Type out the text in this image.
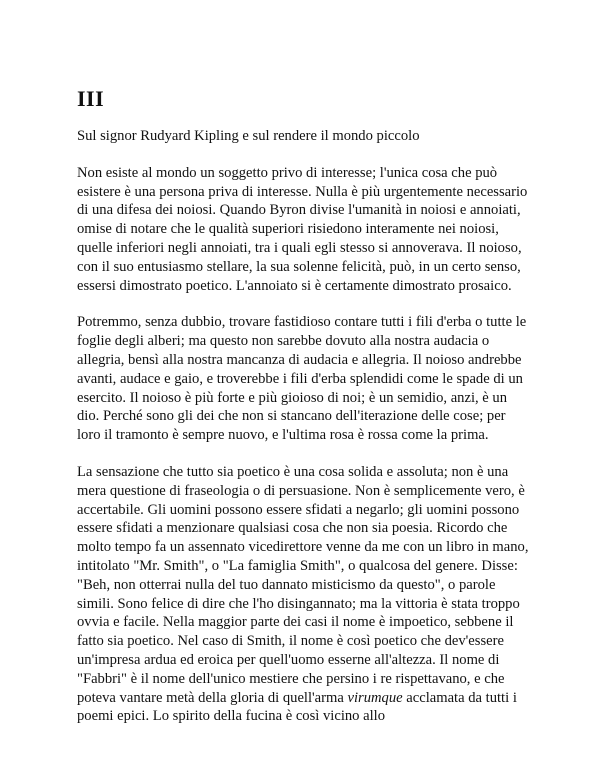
III
Sul signor Rudyard Kipling e sul rendere il mondo piccolo
Non esiste al mondo un soggetto privo di interesse; l'unica cosa che può esistere è una persona priva di interesse. Nulla è più urgentemente necessario di una difesa dei noiosi. Quando Byron divise l'umanità in noiosi e annoiati, omise di notare che le qualità superiori risiedono interamente nei noiosi, quelle inferiori negli annoiati, tra i quali egli stesso si annoverava. Il noioso, con il suo entusiasmo stellare, la sua solenne felicità, può, in un certo senso, essersi dimostrato poetico. L'annoiato si è certamente dimostrato prosaico.
Potremmo, senza dubbio, trovare fastidioso contare tutti i fili d'erba o tutte le foglie degli alberi; ma questo non sarebbe dovuto alla nostra audacia o allegria, bensì alla nostra mancanza di audacia e allegria. Il noioso andrebbe avanti, audace e gaio, e troverebbe i fili d'erba splendidi come le spade di un esercito. Il noioso è più forte e più gioioso di noi; è un semidio, anzi, è un dio. Perché sono gli dei che non si stancano dell'iterazione delle cose; per loro il tramonto è sempre nuovo, e l'ultima rosa è rossa come la prima.
La sensazione che tutto sia poetico è una cosa solida e assoluta; non è una mera questione di fraseologia o di persuasione. Non è semplicemente vero, è accertabile. Gli uomini possono essere sfidati a negarlo; gli uomini possono essere sfidati a menzionare qualsiasi cosa che non sia poesia. Ricordo che molto tempo fa un assennato vicedirettore venne da me con un libro in mano, intitolato "Mr. Smith", o "La famiglia Smith", o qualcosa del genere. Disse: "Beh, non otterrai nulla del tuo dannato misticismo da questo", o parole simili. Sono felice di dire che l'ho disingannato; ma la vittoria è stata troppo ovvia e facile. Nella maggior parte dei casi il nome è impoetico, sebbene il fatto sia poetico. Nel caso di Smith, il nome è così poetico che dev'essere un'impresa ardua ed eroica per quell'uomo esserne all'altezza. Il nome di "Fabbri" è il nome dell'unico mestiere che persino i re rispettavano, e che poteva vantare metà della gloria di quell'arma virumque acclamata da tutti i poemi epici. Lo spirito della fucina è così vicino allo
